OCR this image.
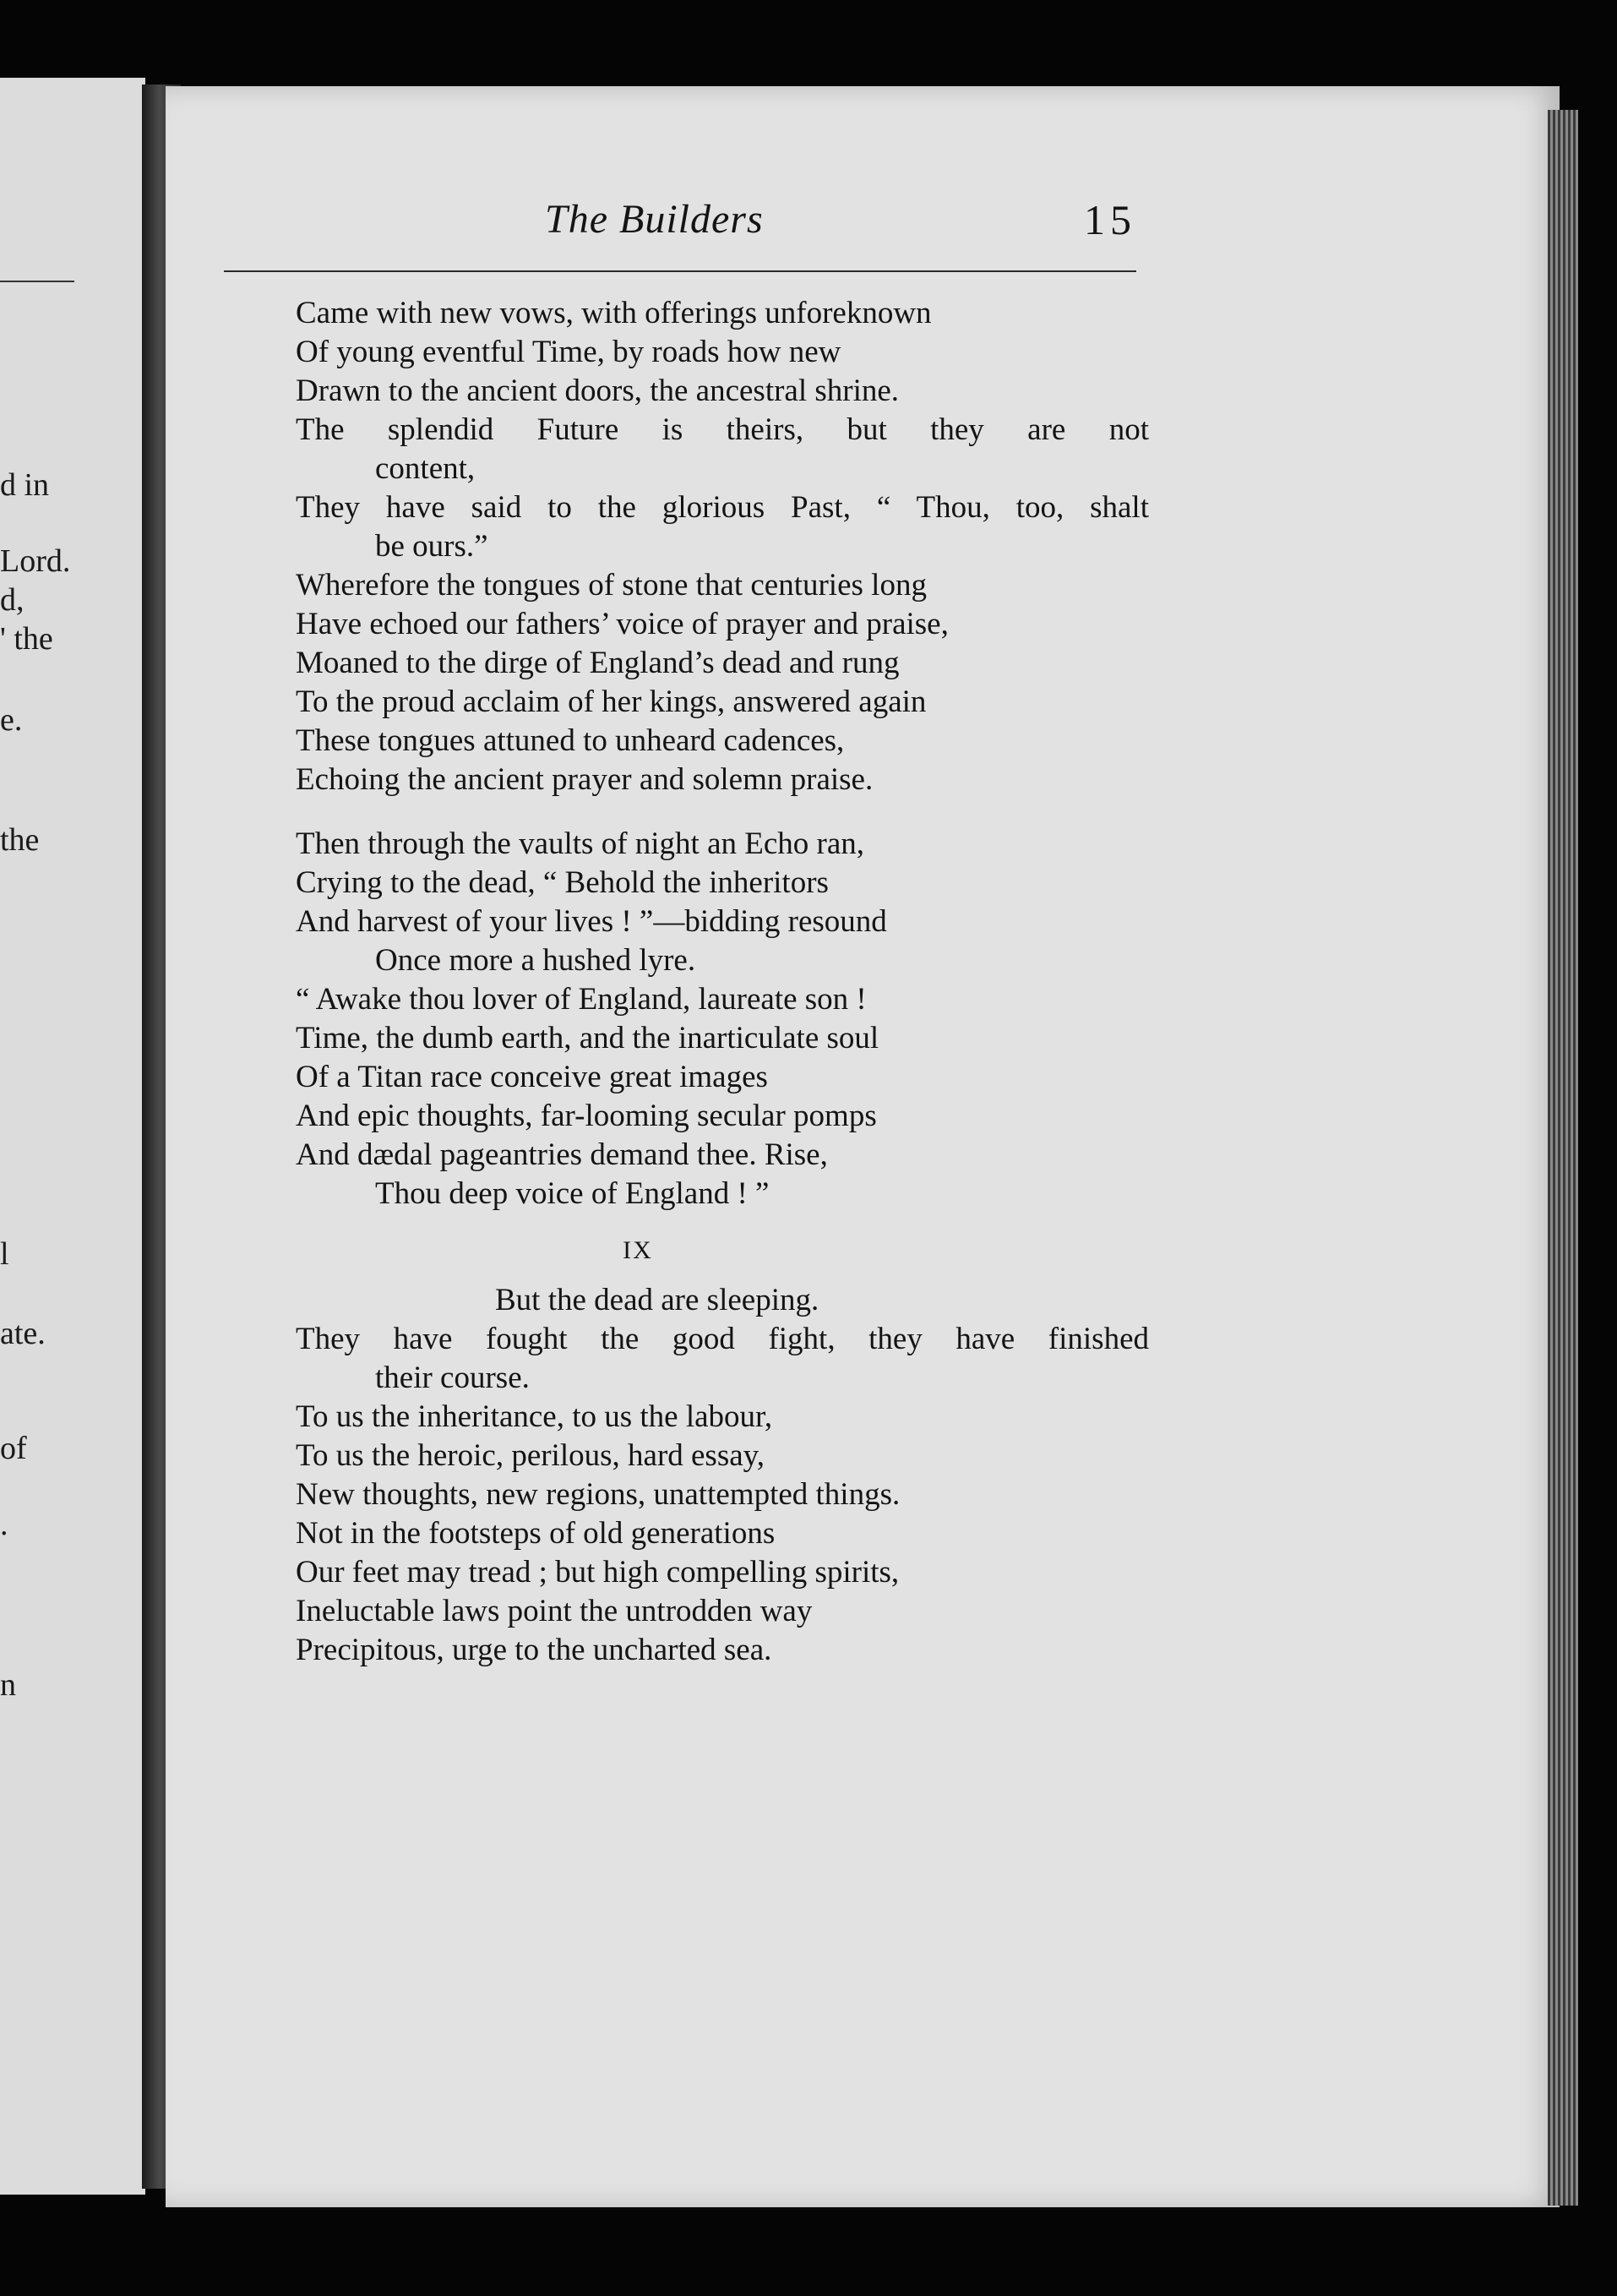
d in
Lord.
d,
' the
e.
the
l
ate.
of
.
n
The Builders	15

Came with new vows, with offerings unforeknown

Of young eventful Time, by roads how new

Drawn to the ancient doors, the ancestral shrine.

The splendid Future is theirs, but they are not

content,

They have said to the glorious Past, “ Thou, too, shalt

be ours.”

Wherefore the tongues of stone that centuries long

Have echoed our fathers’ voice of prayer and praise,

Moaned to the dirge of England’s dead and rung

To the proud acclaim of her kings, answered again

These tongues attuned to unheard cadences,

Echoing the ancient prayer and solemn praise.

Then through the vaults of night an Echo ran,

Crying to the dead, “ Behold the inheritors

And harvest of your lives ! ”—bidding resound

Once more a hushed lyre.

“ Awake thou lover of England, laureate son !

Time, the dumb earth, and the inarticulate soul

Of a Titan race conceive great images

And epic thoughts, far-looming secular pomps

And dædal pageantries demand thee. Rise,

Thou deep voice of England ! ”

IX

But the dead are sleeping.

They have fought the good fight, they have finished

their course.

To us the inheritance, to us the labour,

To us the heroic, perilous, hard essay,

New thoughts, new regions, unattempted things.

Not in the footsteps of old generations

Our feet may tread ; but high compelling spirits,

Ineluctable laws point the untrodden way

Precipitous, urge to the uncharted sea.
